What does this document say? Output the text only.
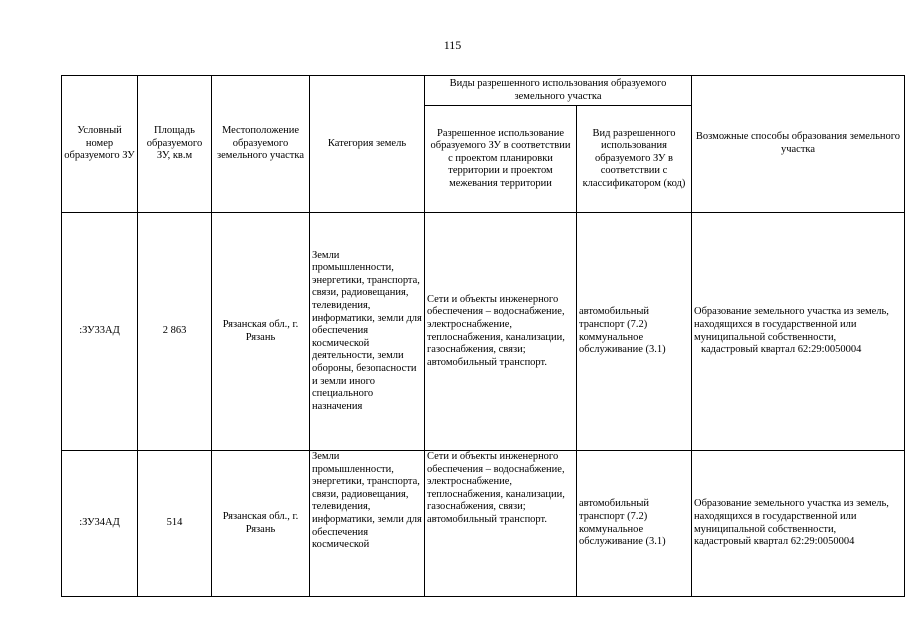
115
Условный номер образуемого ЗУ	Площадь образуемого ЗУ, кв.м	Местоположение образуемого земельного участка	Категория земель	Виды разрешенного использования образуемого земельного участка		Возможные способы образования земельного участка
				Разрешенное использование образуемого ЗУ в соответствии с проектом планировки территории и проектом межевания территории	Вид разрешенного использования образуемого ЗУ в соответствии с классификатором (код)	
:ЗУ33АД	2 863	Рязанская обл., г. Рязань	Земли промышленности, энергетики, транспорта, связи, радиовещания, телевидения, информатики, земли для обеспечения космической деятельности, земли обороны, безопасности и земли иного специального назначения	Сети и объекты инженерного обеспечения – водоснабжение, электроснабжение, теплоснабжения, канализации, газоснабжения, связи; автомобильный транспорт.	автомобильный транспорт (7.2) коммунальное обслуживание (3.1)	Образование земельного участка из земель, находящихся в государственной или муниципальной собственности,
кадастровый квартал 62:29:0050004

:ЗУ34АД	514	Рязанская обл., г. Рязань	Земли промышленности, энергетики, транспорта, связи, радиовещания, телевидения, информатики, земли для обеспечения космической	Сети и объекты инженерного обеспечения – водоснабжение, электроснабжение, теплоснабжения, канализации, газоснабжения, связи; автомобильный транспорт.	автомобильный транспорт (7.2) коммунальное обслуживание (3.1)	Образование земельного участка из земель, находящихся в государственной или муниципальной собственности,
кадастровый квартал 62:29:0050004
